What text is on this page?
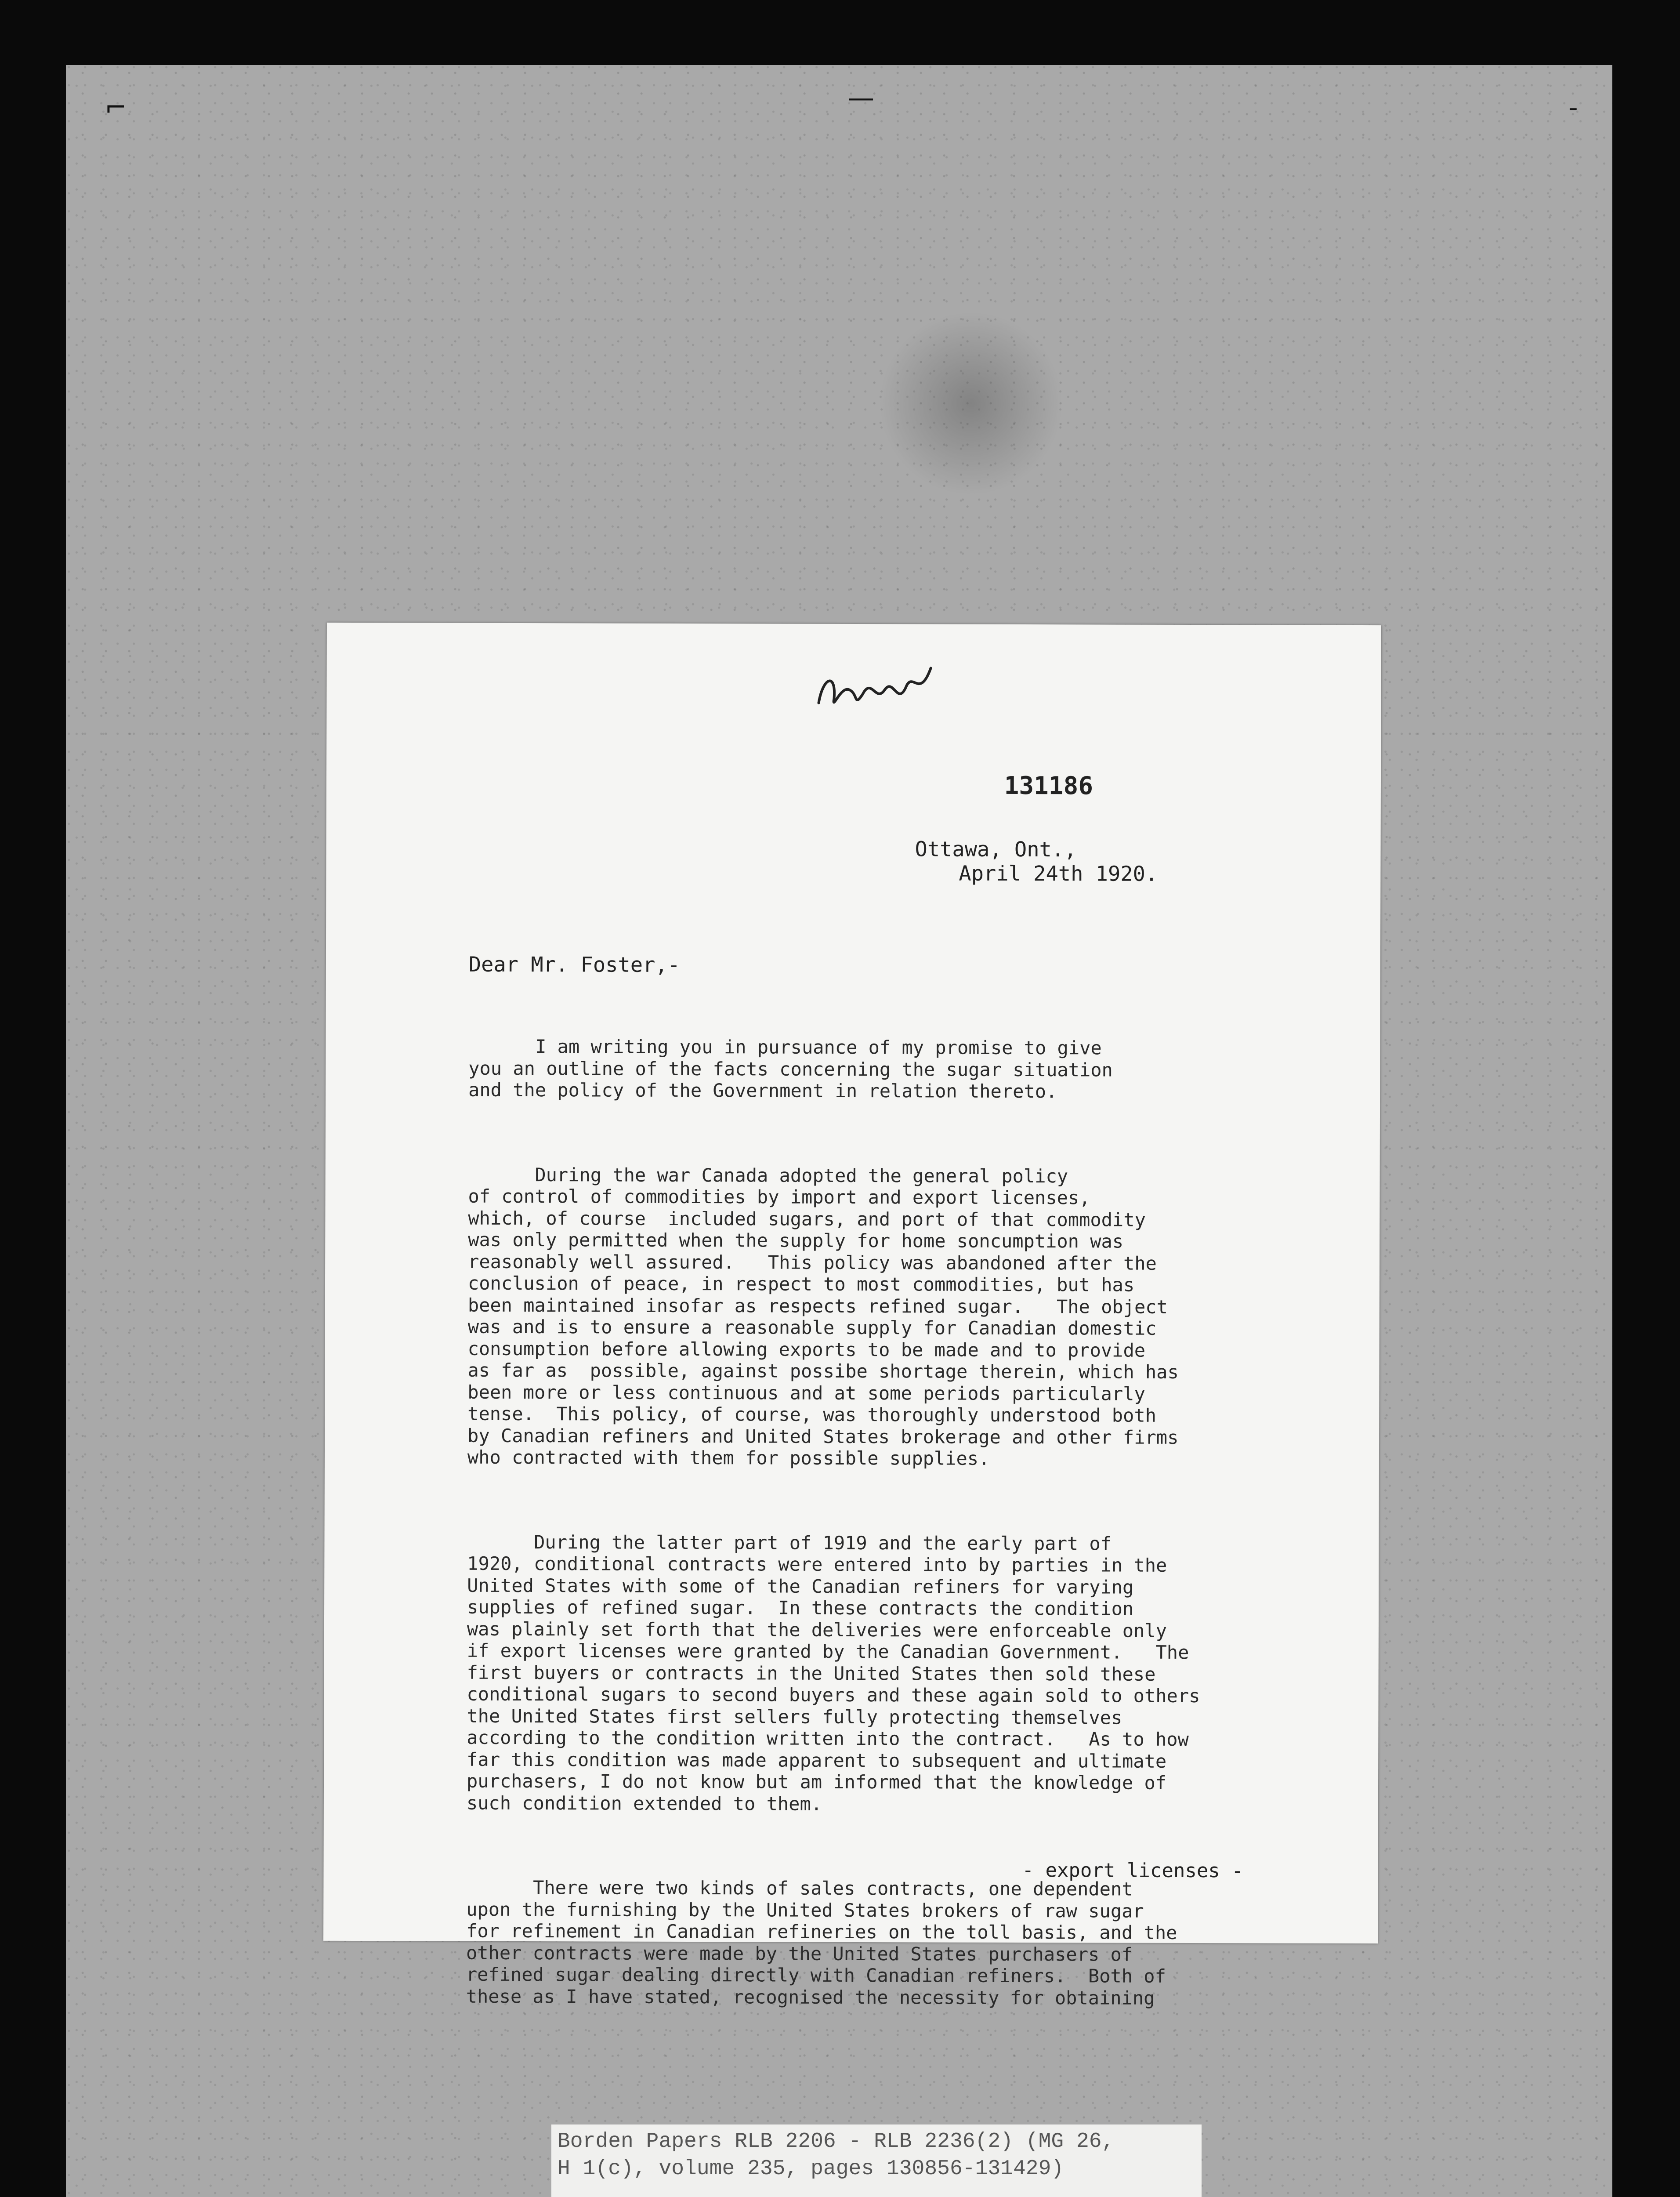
⌐	—	-
131186
Ottawa, Ont.,
April 24th 1920.
Dear Mr. Foster,-

I am writing you in pursuance of my promise to give
you an outline of the facts concerning the sugar situation
and the policy of the Government in relation thereto.

During the war Canada adopted the general policy
of control of commodities by import and export licenses,
which, of course  included sugars, and port of that commodity
was only permitted when the supply for home soncumption was
reasonably well assured.   This policy was abandoned after the
conclusion of peace, in respect to most commodities, but has
been maintained insofar as respects refined sugar.   The object
was and is to ensure a reasonable supply for Canadian domestic
consumption before allowing exports to be made and to provide
as far as  possible, against possibe shortage therein, which has
been more or less continuous and at some periods particularly
tense.  This policy, of course, was thoroughly understood both
by Canadian refiners and United States brokerage and other firms
who contracted with them for possible supplies.

During the latter part of 1919 and the early part of
1920, conditional contracts were entered into by parties in the
United States with some of the Canadian refiners for varying
supplies of refined sugar.  In these contracts the condition
was plainly set forth that the deliveries were enforceable only
if export licenses were granted by the Canadian Government.   The
first buyers or contracts in the United States then sold these
conditional sugars to second buyers and these again sold to others
the United States first sellers fully protecting themselves
according to the condition written into the contract.   As to how
far this condition was made apparent to subsequent and ultimate
purchasers, I do not know but am informed that the knowledge of
such condition extended to them.

There were two kinds of sales contracts, one dependent
upon the furnishing by the United States brokers of raw sugar
for refinement in Canadian refineries on the toll basis, and the
other contracts were made by the United States purchasers of
refined sugar dealing directly with Canadian refiners.  Both of
these as I have stated, recognised the necessity for obtaining

- export licenses -
Borden Papers RLB 2206 - RLB 2236(2) (MG 26,
H 1(c), volume 235, pages 130856-131429)
